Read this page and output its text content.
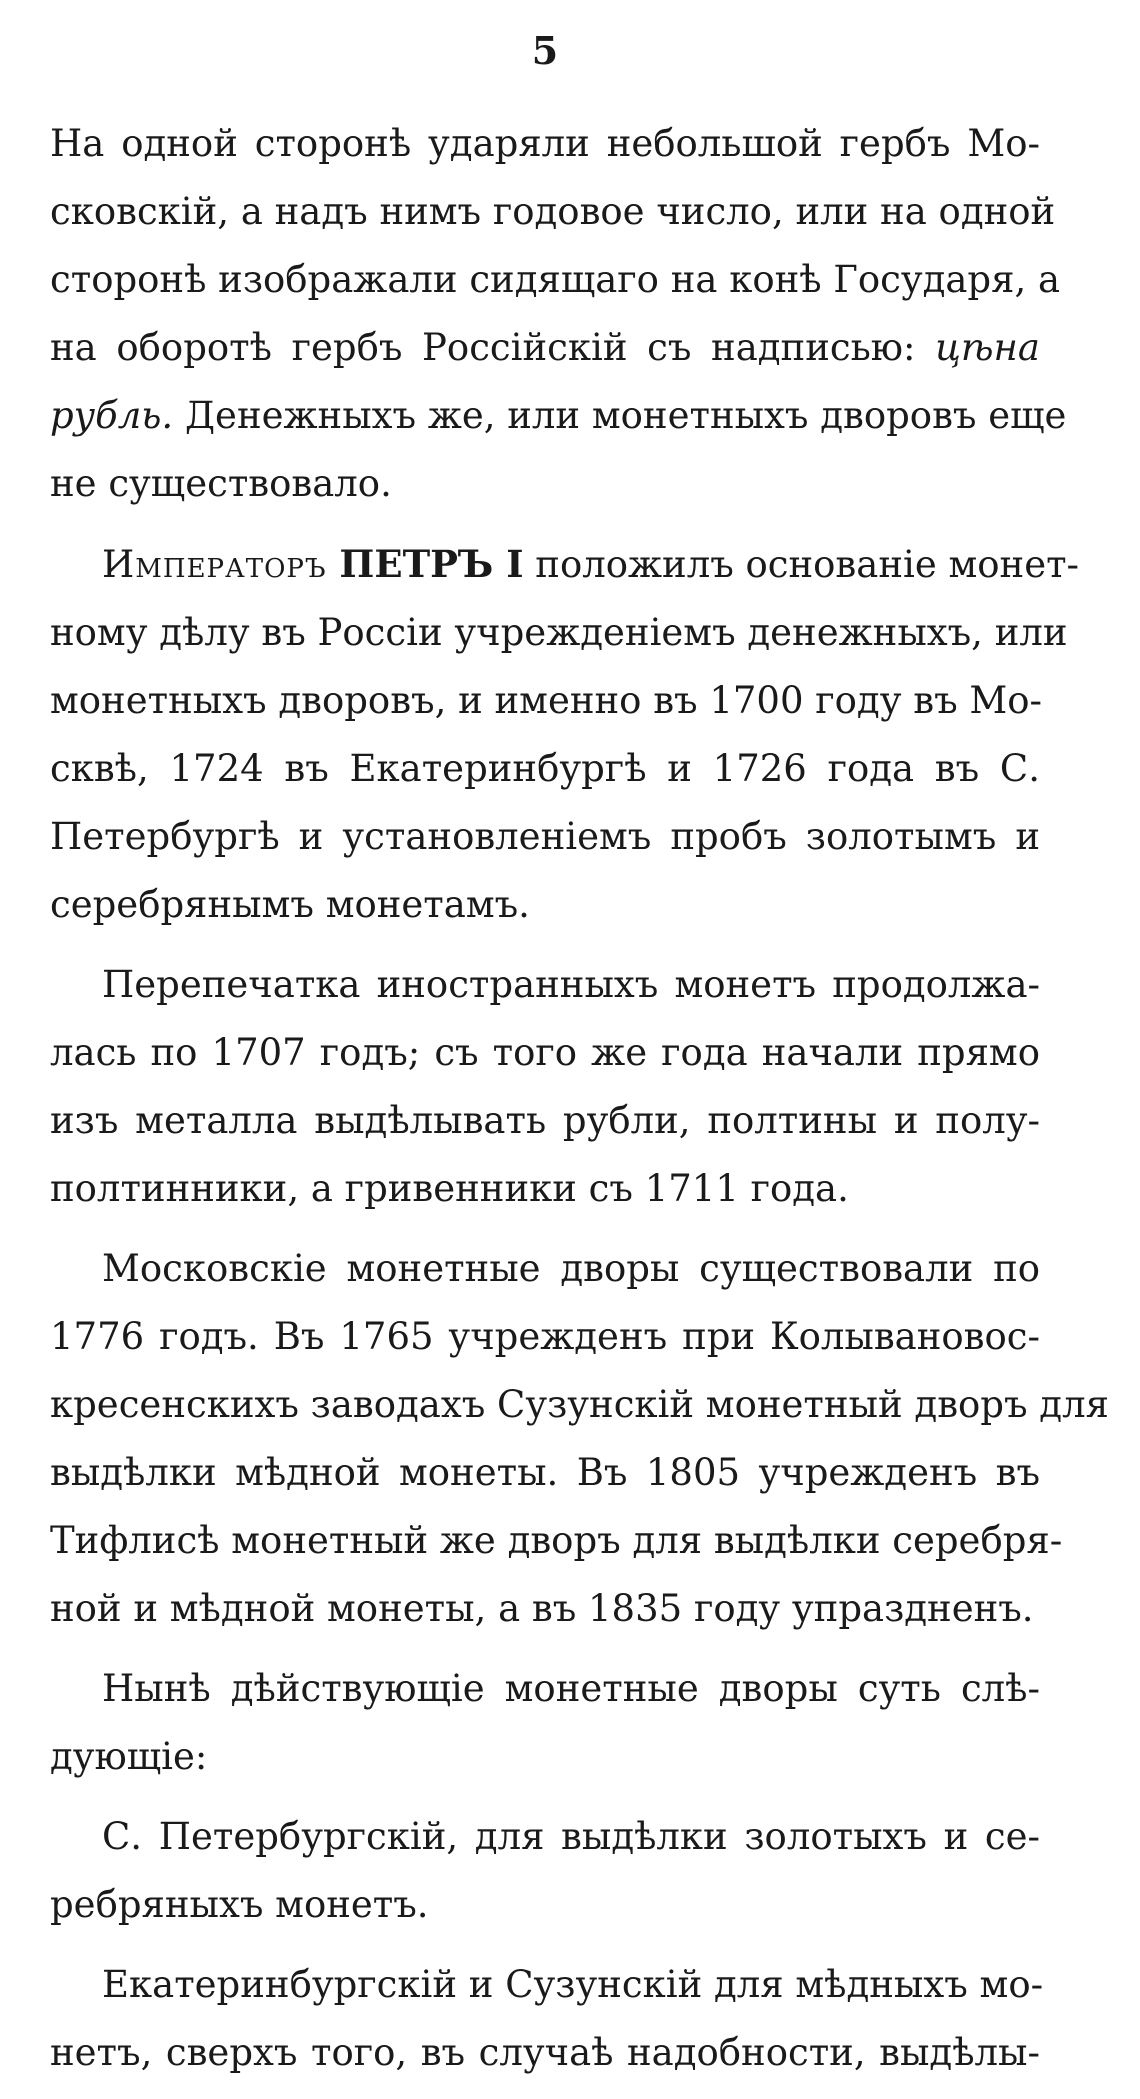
5

На одной сторонѣ ударяли небольшой гербъ Мо-
сковскій, а надъ нимъ годовое число, или на одной
сторонѣ изображали сидящаго на конѣ Государя, а
на оборотѣ гербъ Россійскій съ надписью: цѣна
рубль. Денежныхъ же, или монетныхъ дворовъ еще
не существовало.

Императоръ ПЕТРЪ I положилъ основаніе монет-
ному дѣлу въ Россіи учрежденіемъ денежныхъ, или
монетныхъ дворовъ, и именно въ 1700 году въ Мо-
сквѣ, 1724 въ Екатеринбургѣ и 1726 года въ С.
Петербургѣ и установленіемъ пробъ золотымъ и
серебрянымъ монетамъ.

Перепечатка иностранныхъ монетъ продолжа-
лась по 1707 годъ; съ того же года начали прямо
изъ металла выдѣлывать рубли, полтины и полу-
полтинники, а гривенники съ 1711 года.

Московскіе монетные дворы существовали по
1776 годъ. Въ 1765 учрежденъ при Колывановос-
кресенскихъ заводахъ Сузунскій монетный дворъ для
выдѣлки мѣдной монеты. Въ 1805 учрежденъ въ
Тифлисѣ монетный же дворъ для выдѣлки серебря-
ной и мѣдной монеты, а въ 1835 году упраздненъ.

Нынѣ дѣйствующіе монетные дворы суть слѣ-
дующіе:

С. Петербургскій, для выдѣлки золотыхъ и се-
ребряныхъ монетъ.

Екатеринбургскій и Сузунскій для мѣдныхъ мо-
нетъ, сверхъ того, въ случаѣ надобности, выдѣлы-
